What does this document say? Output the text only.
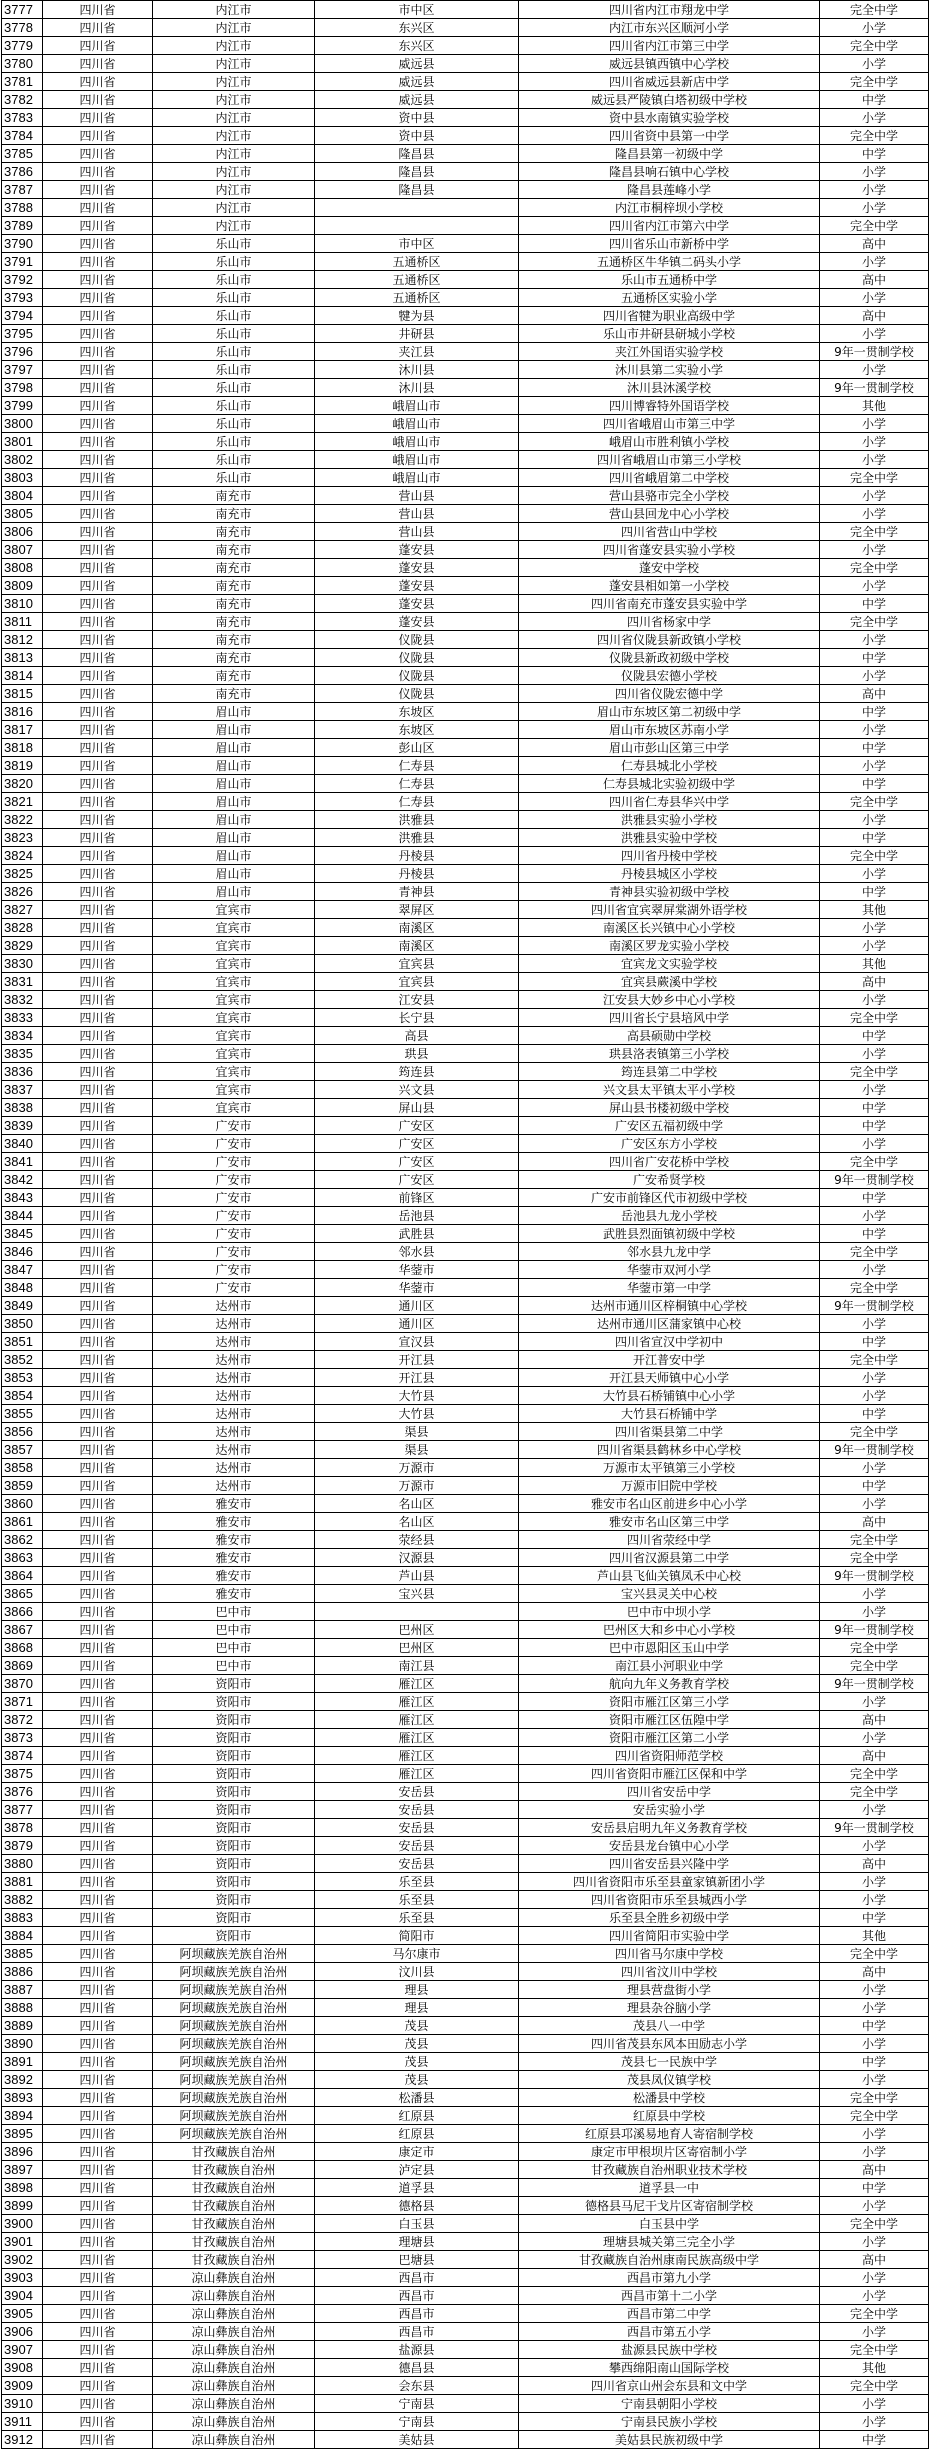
3777	四川省	内江市	市中区	四川省内江市翔龙中学	完全中学
3778	四川省	内江市	东兴区	内江市东兴区顺河小学	小学
3779	四川省	内江市	东兴区	四川省内江市第三中学	完全中学
3780	四川省	内江市	威远县	威远县镇西镇中心学校	小学
3781	四川省	内江市	威远县	四川省威远县新店中学	完全中学
3782	四川省	内江市	威远县	威远县严陵镇白塔初级中学校	中学
3783	四川省	内江市	资中县	资中县水南镇实验学校	小学
3784	四川省	内江市	资中县	四川省资中县第一中学	完全中学
3785	四川省	内江市	隆昌县	隆昌县第一初级中学	中学
3786	四川省	内江市	隆昌县	隆昌县响石镇中心学校	小学
3787	四川省	内江市	隆昌县	隆昌县莲峰小学	小学
3788	四川省	内江市		内江市桐梓坝小学校	小学
3789	四川省	内江市		四川省内江市第六中学	完全中学
3790	四川省	乐山市	市中区	四川省乐山市新桥中学	高中
3791	四川省	乐山市	五通桥区	五通桥区牛华镇二码头小学	小学
3792	四川省	乐山市	五通桥区	乐山市五通桥中学	高中
3793	四川省	乐山市	五通桥区	五通桥区实验小学	小学
3794	四川省	乐山市	犍为县	四川省犍为职业高级中学	高中
3795	四川省	乐山市	井研县	乐山市井研县研城小学校	小学
3796	四川省	乐山市	夹江县	夹江外国语实验学校	9年一贯制学校
3797	四川省	乐山市	沐川县	沐川县第二实验小学	小学
3798	四川省	乐山市	沐川县	沐川县沐溪学校	9年一贯制学校
3799	四川省	乐山市	峨眉山市	四川博睿特外国语学校	其他
3800	四川省	乐山市	峨眉山市	四川省峨眉山市第三中学	小学
3801	四川省	乐山市	峨眉山市	峨眉山市胜利镇小学校	小学
3802	四川省	乐山市	峨眉山市	四川省峨眉山市第三小学校	小学
3803	四川省	乐山市	峨眉山市	四川省峨眉第二中学校	完全中学
3804	四川省	南充市	营山县	营山县骆市完全小学校	小学
3805	四川省	南充市	营山县	营山县回龙中心小学校	小学
3806	四川省	南充市	营山县	四川省营山中学校	完全中学
3807	四川省	南充市	蓬安县	四川省蓬安县实验小学校	小学
3808	四川省	南充市	蓬安县	蓬安中学校	完全中学
3809	四川省	南充市	蓬安县	蓬安县相如第一小学校	小学
3810	四川省	南充市	蓬安县	四川省南充市蓬安县实验中学	中学
3811	四川省	南充市	蓬安县	四川省杨家中学	完全中学
3812	四川省	南充市	仪陇县	四川省仪陇县新政镇小学校	小学
3813	四川省	南充市	仪陇县	仪陇县新政初级中学校	中学
3814	四川省	南充市	仪陇县	仪陇县宏德小学校	小学
3815	四川省	南充市	仪陇县	四川省仪陇宏德中学	高中
3816	四川省	眉山市	东坡区	眉山市东坡区第二初级中学	中学
3817	四川省	眉山市	东坡区	眉山市东坡区苏南小学	小学
3818	四川省	眉山市	彭山区	眉山市彭山区第三中学	中学
3819	四川省	眉山市	仁寿县	仁寿县城北小学校	小学
3820	四川省	眉山市	仁寿县	仁寿县城北实验初级中学	中学
3821	四川省	眉山市	仁寿县	四川省仁寿县华兴中学	完全中学
3822	四川省	眉山市	洪雅县	洪雅县实验小学校	小学
3823	四川省	眉山市	洪雅县	洪雅县实验中学校	中学
3824	四川省	眉山市	丹棱县	四川省丹棱中学校	完全中学
3825	四川省	眉山市	丹棱县	丹棱县城区小学校	小学
3826	四川省	眉山市	青神县	青神县实验初级中学校	中学
3827	四川省	宜宾市	翠屏区	四川省宜宾翠屏棠湖外语学校	其他
3828	四川省	宜宾市	南溪区	南溪区长兴镇中心小学校	小学
3829	四川省	宜宾市	南溪区	南溪区罗龙实验小学校	小学
3830	四川省	宜宾市	宜宾县	宜宾龙文实验学校	其他
3831	四川省	宜宾市	宜宾县	宜宾县蕨溪中学校	高中
3832	四川省	宜宾市	江安县	江安县大妙乡中心小学校	小学
3833	四川省	宜宾市	长宁县	四川省长宁县培风中学	完全中学
3834	四川省	宜宾市	高县	高县硕勋中学校	中学
3835	四川省	宜宾市	珙县	珙县洛表镇第三小学校	小学
3836	四川省	宜宾市	筠连县	筠连县第二中学校	完全中学
3837	四川省	宜宾市	兴文县	兴文县太平镇太平小学校	小学
3838	四川省	宜宾市	屏山县	屏山县书楼初级中学校	中学
3839	四川省	广安市	广安区	广安区五福初级中学	中学
3840	四川省	广安市	广安区	广安区东方小学校	小学
3841	四川省	广安市	广安区	四川省广安花桥中学校	完全中学
3842	四川省	广安市	广安区	广安希贤学校	9年一贯制学校
3843	四川省	广安市	前锋区	广安市前锋区代市初级中学校	中学
3844	四川省	广安市	岳池县	岳池县九龙小学校	小学
3845	四川省	广安市	武胜县	武胜县烈面镇初级中学校	中学
3846	四川省	广安市	邻水县	邻水县九龙中学	完全中学
3847	四川省	广安市	华蓥市	华蓥市双河小学	小学
3848	四川省	广安市	华蓥市	华蓥市第一中学	完全中学
3849	四川省	达州市	通川区	达州市通川区梓桐镇中心学校	9年一贯制学校
3850	四川省	达州市	通川区	达州市通川区蒲家镇中心校	小学
3851	四川省	达州市	宣汉县	四川省宣汉中学初中	中学
3852	四川省	达州市	开江县	开江普安中学	完全中学
3853	四川省	达州市	开江县	开江县天师镇中心小学	小学
3854	四川省	达州市	大竹县	大竹县石桥铺镇中心小学	小学
3855	四川省	达州市	大竹县	大竹县石桥铺中学	中学
3856	四川省	达州市	渠县	四川省渠县第二中学	完全中学
3857	四川省	达州市	渠县	四川省渠县鹤林乡中心学校	9年一贯制学校
3858	四川省	达州市	万源市	万源市太平镇第三小学校	小学
3859	四川省	达州市	万源市	万源市旧院中学校	中学
3860	四川省	雅安市	名山区	雅安市名山区前进乡中心小学	小学
3861	四川省	雅安市	名山区	雅安市名山区第三中学	高中
3862	四川省	雅安市	荥经县	四川省荥经中学	完全中学
3863	四川省	雅安市	汉源县	四川省汉源县第二中学	完全中学
3864	四川省	雅安市	芦山县	芦山县飞仙关镇凤禾中心校	9年一贯制学校
3865	四川省	雅安市	宝兴县	宝兴县灵关中心校	小学
3866	四川省	巴中市		巴中市中坝小学	小学
3867	四川省	巴中市	巴州区	巴州区大和乡中心小学校	9年一贯制学校
3868	四川省	巴中市	巴州区	巴中市恩阳区玉山中学	完全中学
3869	四川省	巴中市	南江县	南江县小河职业中学	完全中学
3870	四川省	资阳市	雁江区	航向九年义务教育学校	9年一贯制学校
3871	四川省	资阳市	雁江区	资阳市雁江区第三小学	小学
3872	四川省	资阳市	雁江区	资阳市雁江区伍隍中学	高中
3873	四川省	资阳市	雁江区	资阳市雁江区第二小学	小学
3874	四川省	资阳市	雁江区	四川省资阳师范学校	高中
3875	四川省	资阳市	雁江区	四川省资阳市雁江区保和中学	完全中学
3876	四川省	资阳市	安岳县	四川省安岳中学	完全中学
3877	四川省	资阳市	安岳县	安岳实验小学	小学
3878	四川省	资阳市	安岳县	安岳县启明九年义务教育学校	9年一贯制学校
3879	四川省	资阳市	安岳县	安岳县龙台镇中心小学	小学
3880	四川省	资阳市	安岳县	四川省安岳县兴隆中学	高中
3881	四川省	资阳市	乐至县	四川省资阳市乐至县童家镇新团小学	小学
3882	四川省	资阳市	乐至县	四川省资阳市乐至县城西小学	小学
3883	四川省	资阳市	乐至县	乐至县全胜乡初级中学	中学
3884	四川省	资阳市	简阳市	四川省简阳市实验中学	其他
3885	四川省	阿坝藏族羌族自治州	马尔康市	四川省马尔康中学校	完全中学
3886	四川省	阿坝藏族羌族自治州	汶川县	四川省汶川中学校	高中
3887	四川省	阿坝藏族羌族自治州	理县	理县营盘街小学	小学
3888	四川省	阿坝藏族羌族自治州	理县	理县杂谷脑小学	小学
3889	四川省	阿坝藏族羌族自治州	茂县	茂县八一中学	中学
3890	四川省	阿坝藏族羌族自治州	茂县	四川省茂县东风本田励志小学	小学
3891	四川省	阿坝藏族羌族自治州	茂县	茂县七一民族中学	中学
3892	四川省	阿坝藏族羌族自治州	茂县	茂县凤仪镇学校	小学
3893	四川省	阿坝藏族羌族自治州	松潘县	松潘县中学校	完全中学
3894	四川省	阿坝藏族羌族自治州	红原县	红原县中学校	完全中学
3895	四川省	阿坝藏族羌族自治州	红原县	红原县邛溪易地育人寄宿制学校	小学
3896	四川省	甘孜藏族自治州	康定市	康定市甲根坝片区寄宿制小学	小学
3897	四川省	甘孜藏族自治州	泸定县	甘孜藏族自治州职业技术学校	高中
3898	四川省	甘孜藏族自治州	道孚县	道孚县一中	中学
3899	四川省	甘孜藏族自治州	德格县	德格县马尼干戈片区寄宿制学校	小学
3900	四川省	甘孜藏族自治州	白玉县	白玉县中学	完全中学
3901	四川省	甘孜藏族自治州	理塘县	理塘县城关第三完全小学	小学
3902	四川省	甘孜藏族自治州	巴塘县	甘孜藏族自治州康南民族高级中学	高中
3903	四川省	凉山彝族自治州	西昌市	西昌市第九小学	小学
3904	四川省	凉山彝族自治州	西昌市	西昌市第十二小学	小学
3905	四川省	凉山彝族自治州	西昌市	西昌市第二中学	完全中学
3906	四川省	凉山彝族自治州	西昌市	西昌市第五小学	小学
3907	四川省	凉山彝族自治州	盐源县	盐源县民族中学校	完全中学
3908	四川省	凉山彝族自治州	德昌县	攀西绵阳南山国际学校	其他
3909	四川省	凉山彝族自治州	会东县	四川省京山州会东县和文中学	完全中学
3910	四川省	凉山彝族自治州	宁南县	宁南县朝阳小学校	小学
3911	四川省	凉山彝族自治州	宁南县	宁南县民族小学校	小学
3912	四川省	凉山彝族自治州	美姑县	美姑县民族初级中学	中学
